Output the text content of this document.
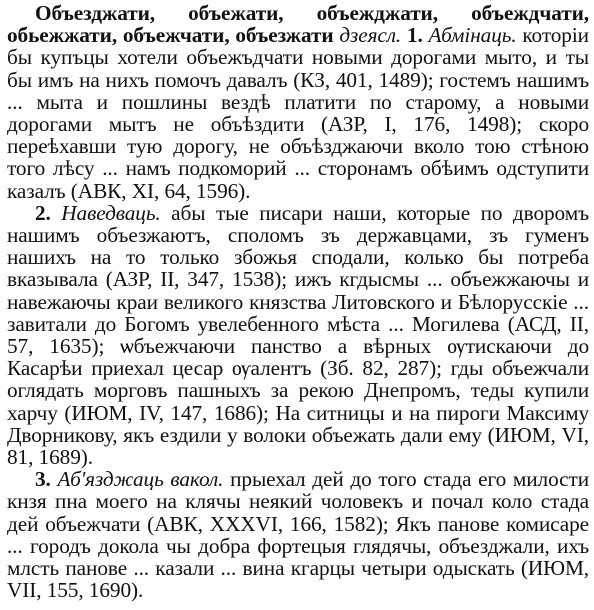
Объезджати, объежати, объежджати, объеждчати, обьежжати, объежчати, объезжати дзеясл. 1. Абмінаць. которiи бы купъцы хотели объежъдчати новыми дорогами мыто, и ты бы имъ на нихъ помочъ давалъ (КЗ, 401, 1489); гостемъ нашимъ ... мыта и пошлины вездѣ платити по старому, а новыми дорогами мытъ не объѣздити (АЗР, I, 176, 1498); скоро переѣхавши тую дорогу, не объѣзджаючи вколо тою стѣною того лѣсу ... намъ подкоморий ... сторонамъ обѣимъ одступити казалъ (АВК, XI, 64, 1596).

2. Наведваць. абы тые писари наши, которые по дворомъ нашимъ объезжаютъ, споломъ зъ державцами, зъ гуменъ нашихъ на то только збожья сподали, колько бы потреба вказывала (АЗР, II, 347, 1538); ижъ кгдысмы ... объежжаючы и навежаючы краи великого князства Литовского и Бѣлорусскiе ... завитали до Богомъ увелебенного мѣста ... Могилева (АСД, II, 57, 1635); ѡбъежчаючи панство а вѣрных ѹтискаючи до Касарѣи приехал цесар ѹалентъ (Зб. 82, 287); гды объежчали оглядать морговъ пашныхъ за рекою Днепромъ, теды купили харчу (ИЮМ, IV, 147, 1686); На ситницы и на пироги Максиму Дворникову, якъ ездили у волоки объежать дали ему (ИЮМ, VI, 81, 1689).

3. Аб'язджаць вакол. прыехал дей до того стада его милости кнзя пна моего на клячы неякий чоловекъ и почал коло стада дей объежчати (АВК, XXXVI, 166, 1582); Якъ панове комисаре ... городъ докола чы добра фортецыя глядячы, объезджали, ихъ млсть панове ... казали ... вина кгарцы четыри одыскать (ИЮМ, VII, 155, 1690).
